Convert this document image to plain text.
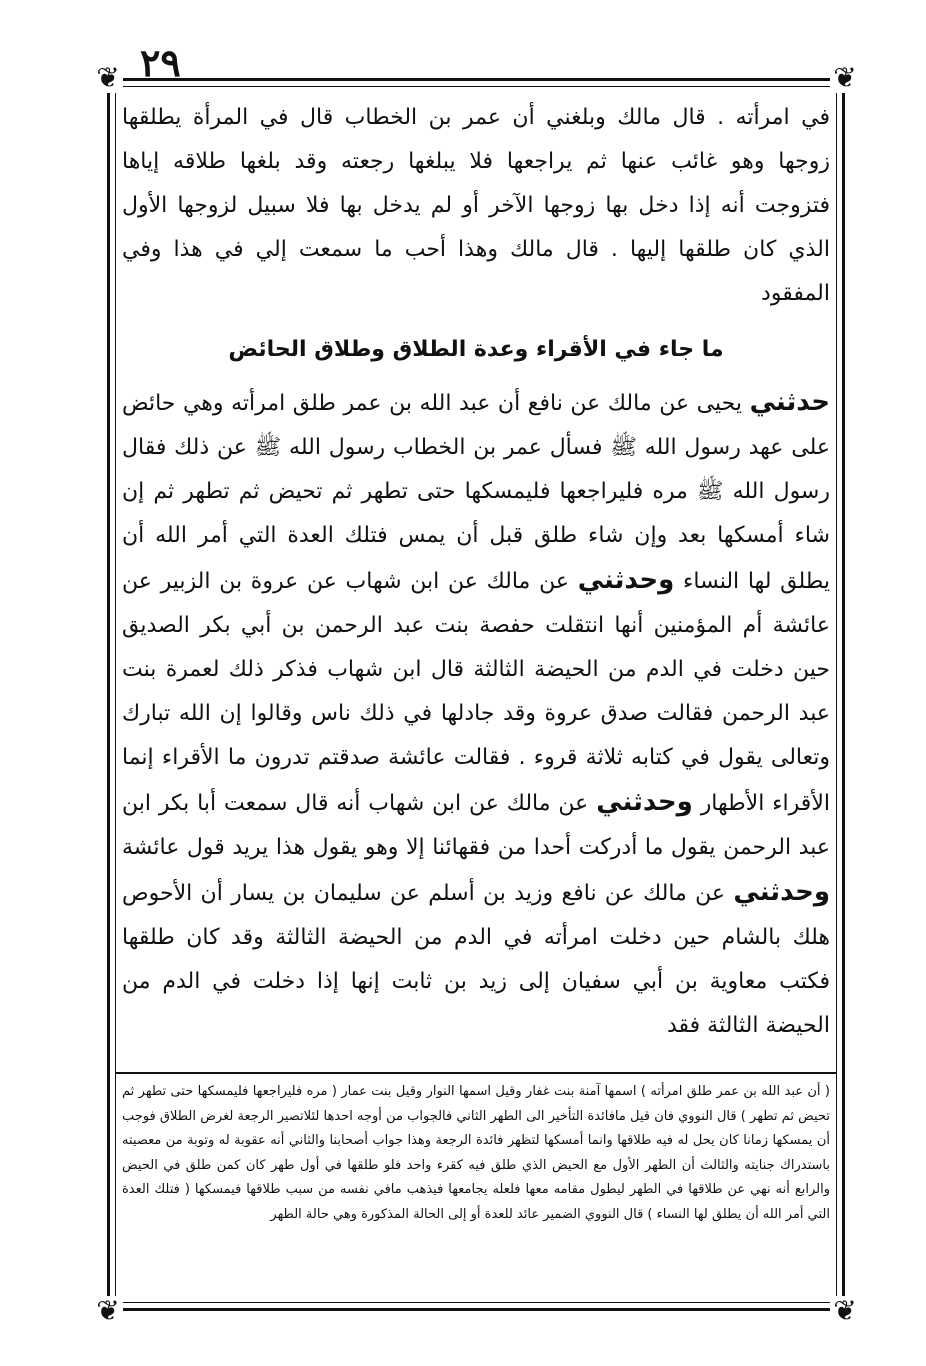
٢٩
❦	❦
❦	❦

في امرأته . قال مالك وبلغني أن عمر بن الخطاب قال في المرأة يطلقها زوجها وهو غائب عنها ثم يراجعها فلا يبلغها رجعته وقد بلغها طلاقه إياها فتزوجت أنه إذا دخل بها زوجها الآخر أو لم يدخل بها فلا سبيل لزوجها الأول الذي كان طلقها إليها . قال مالك وهذا أحب ما سمعت إلي في هذا وفي المفقود

ما جاء في الأقراء وعدة الطلاق وطلاق الحائض

حدثني يحيى عن مالك عن نافع أن عبد الله بن عمر طلق امرأته وهي حائض على عهد رسول الله ﷺ فسأل عمر بن الخطاب رسول الله ﷺ عن ذلك فقال رسول الله ﷺ مره فليراجعها فليمسكها حتى تطهر ثم تحيض ثم تطهر ثم إن شاء أمسكها بعد وإن شاء طلق قبل أن يمس فتلك العدة التي أمر الله أن يطلق لها النساء وحدثني عن مالك عن ابن شهاب عن عروة بن الزبير عن عائشة أم المؤمنين أنها انتقلت حفصة بنت عبد الرحمن بن أبي بكر الصديق حين دخلت في الدم من الحيضة الثالثة قال ابن شهاب فذكر ذلك لعمرة بنت عبد الرحمن فقالت صدق عروة وقد جادلها في ذلك ناس وقالوا إن الله تبارك وتعالى يقول في كتابه ثلاثة قروء . فقالت عائشة صدقتم تدرون ما الأقراء إنما الأقراء الأطهار وحدثني عن مالك عن ابن شهاب أنه قال سمعت أبا بكر ابن عبد الرحمن يقول ما أدركت أحدا من فقهائنا إلا وهو يقول هذا يريد قول عائشة وحدثني عن مالك عن نافع وزيد بن أسلم عن سليمان بن يسار أن الأحوص هلك بالشام حين دخلت امرأته في الدم من الحيضة الثالثة وقد كان طلقها فكتب معاوية بن أبي سفيان إلى زيد بن ثابت إنها إذا دخلت في الدم من الحيضة الثالثة فقد

( أن عبد الله بن عمر طلق امرأته ) اسمها آمنة بنت غفار وقيل اسمها النوار وقيل بنت عمار ( مره فليراجعها فليمسكها حتى تطهر ثم تحيض ثم تطهر ) قال النووي فان قيل مافائدة التأخير الى الطهر الثاني فالجواب من أوجه احدها لئلاتصير الرجعة لغرض الطلاق فوجب أن يمسكها زمانا كان يحل له فيه طلاقها وانما أمسكها لتظهر فائدة الرجعة وهذا جواب أصحابنا والثاني أنه عقوبة له وتوبة من معصيته باستدراك جنايته والثالث أن الطهر الأول مع الحيض الذي طلق فيه كقرء واحد فلو طلقها في أول طهر كان كمن طلق في الحيض والرابع أنه نهي عن طلاقها في الطهر ليطول مقامه معها فلعله يجامعها فيذهب مافي نفسه من سبب طلاقها فيمسكها ( فتلك العدة التي أمر الله أن يطلق لها النساء ) قال النووي الضمير عائد للعدة أو إلى الحالة المذكورة وهي حالة الطهر
